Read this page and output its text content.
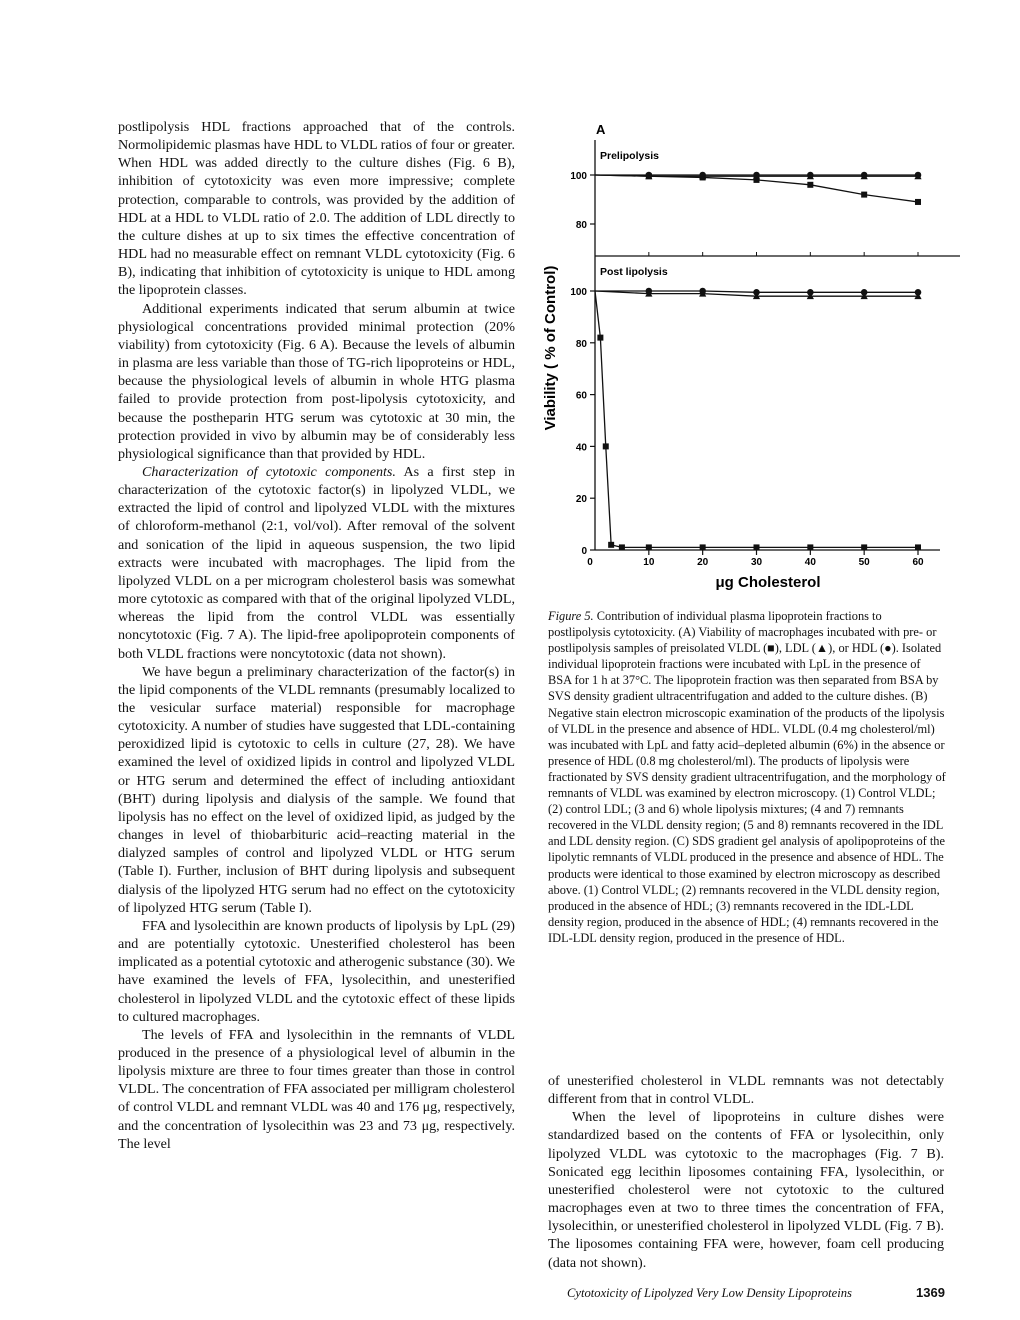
postlipolysis HDL fractions approached that of the controls. Normolipidemic plasmas have HDL to VLDL ratios of four or greater. When HDL was added directly to the culture dishes (Fig. 6 B), inhibition of cytotoxicity was even more impressive; complete protection, comparable to controls, was provided by the addition of HDL at a HDL to VLDL ratio of 2.0. The addition of LDL directly to the culture dishes at up to six times the effective concentration of HDL had no measurable effect on remnant VLDL cytotoxicity (Fig. 6 B), indicating that inhibition of cytotoxicity is unique to HDL among the lipoprotein classes.

Additional experiments indicated that serum albumin at twice physiological concentrations provided minimal protection (20% viability) from cytotoxicity (Fig. 6 A). Because the levels of albumin in plasma are less variable than those of TG-rich lipoproteins or HDL, because the physiological levels of albumin in whole HTG plasma failed to provide protection from post-lipolysis cytotoxicity, and because the postheparin HTG serum was cytotoxic at 30 min, the protection provided in vivo by albumin may be of considerably less physiological significance than that provided by HDL.

Characterization of cytotoxic components. As a first step in characterization of the cytotoxic factor(s) in lipolyzed VLDL, we extracted the lipid of control and lipolyzed VLDL with the mixtures of chloroform-methanol (2:1, vol/vol). After removal of the solvent and sonication of the lipid in aqueous suspension, the two lipid extracts were incubated with macrophages. The lipid from the lipolyzed VLDL on a per microgram cholesterol basis was somewhat more cytotoxic as compared with that of the original lipolyzed VLDL, whereas the lipid from the control VLDL was essentially noncytotoxic (Fig. 7 A). The lipid-free apolipoprotein components of both VLDL fractions were noncytotoxic (data not shown).

We have begun a preliminary characterization of the factor(s) in the lipid components of the VLDL remnants (presumably localized to the vesicular surface material) responsible for macrophage cytotoxicity. A number of studies have suggested that LDL-containing peroxidized lipid is cytotoxic to cells in culture (27, 28). We have examined the level of oxidized lipids in control and lipolyzed VLDL or HTG serum and determined the effect of including antioxidant (BHT) during lipolysis and dialysis of the sample. We found that lipolysis has no effect on the level of oxidized lipid, as judged by the changes in level of thiobarbituric acid–reacting material in the dialyzed samples of control and lipolyzed VLDL or HTG serum (Table I). Further, inclusion of BHT during lipolysis and subsequent dialysis of the lipolyzed HTG serum had no effect on the cytotoxicity of lipolyzed HTG serum (Table I).

FFA and lysolecithin are known products of lipolysis by LpL (29) and are potentially cytotoxic. Unesterified cholesterol has been implicated as a potential cytotoxic and atherogenic substance (30). We have examined the levels of FFA, lysolecithin, and unesterified cholesterol in lipolyzed VLDL and the cytotoxic effect of these lipids to cultured macrophages.

The levels of FFA and lysolecithin in the remnants of VLDL produced in the presence of a physiological level of albumin in the lipolysis mixture are three to four times greater than those in control VLDL. The concentration of FFA associated per milligram cholesterol of control VLDL and remnant VLDL was 40 and 176 μg, respectively, and the concentration of lysolecithin was 23 and 73 μg, respectively. The level

A
Viability ( % of Control)
μg Cholesterol
Prelipolysis
Post lipolysis
80
100
0
20
40
60
80
100
0	10	20	30	40	50	60
Figure 5. Contribution of individual plasma lipoprotein fractions to postlipolysis cytotoxicity. (A) Viability of macrophages incubated with pre- or postlipolysis samples of preisolated VLDL (■), LDL (▲), or HDL (●). Isolated individual lipoprotein fractions were incubated with LpL in the presence of BSA for 1 h at 37°C. The lipoprotein fraction was then separated from BSA by SVS density gradient ultracentrifugation and added to the culture dishes. (B) Negative stain electron microscopic examination of the products of the lipolysis of VLDL in the presence and absence of HDL. VLDL (0.4 mg cholesterol/ml) was incubated with LpL and fatty acid–depleted albumin (6%) in the absence or presence of HDL (0.8 mg cholesterol/ml). The products of lipolysis were fractionated by SVS density gradient ultracentrifugation, and the morphology of remnants of VLDL was examined by electron microscopy. (1) Control VLDL; (2) control LDL; (3 and 6) whole lipolysis mixtures; (4 and 7) remnants recovered in the VLDL density region; (5 and 8) remnants recovered in the IDL and LDL density region. (C) SDS gradient gel analysis of apolipoproteins of the lipolytic remnants of VLDL produced in the presence and absence of HDL. The products were identical to those examined by electron microscopy as described above. (1) Control VLDL; (2) remnants recovered in the VLDL density region, produced in the absence of HDL; (3) remnants recovered in the IDL-LDL density region, produced in the absence of HDL; (4) remnants recovered in the IDL-LDL density region, produced in the presence of HDL.

of unesterified cholesterol in VLDL remnants was not detectably different from that in control VLDL.

When the level of lipoproteins in culture dishes were standardized based on the contents of FFA or lysolecithin, only lipolyzed VLDL was cytotoxic to the macrophages (Fig. 7 B). Sonicated egg lecithin liposomes containing FFA, lysolecithin, or unesterified cholesterol were not cytotoxic to the cultured macrophages even at two to three times the concentration of FFA, lysolecithin, or unesterified cholesterol in lipolyzed VLDL (Fig. 7 B). The liposomes containing FFA were, however, foam cell producing (data not shown).

Cytotoxicity of Lipolyzed Very Low Density Lipoproteins	1369
